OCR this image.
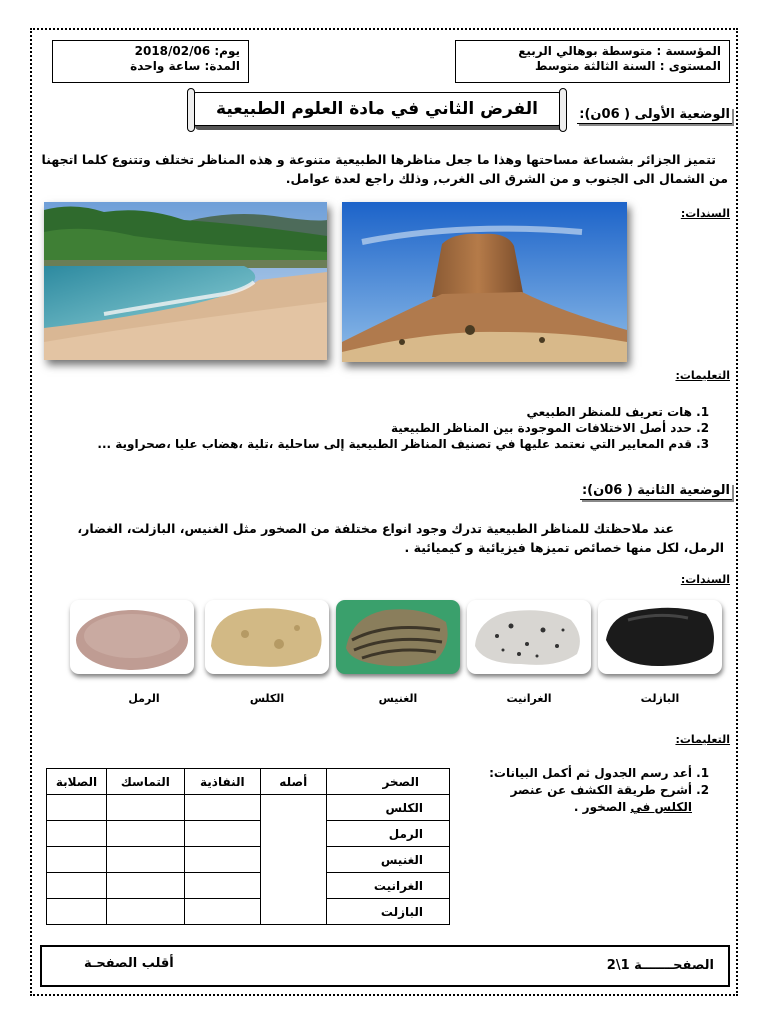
المؤسسة : متوسطة بوهالي الربيع
المستوى : السنة الثالثة متوسط
يوم: 2018/02/06
المدة: ساعة واحدة
الفرض الثاني في مادة العلوم الطبيعية	الوضعية الأولى ( 06ن):
تتميز الجزائر بشساعة مساحتها وهذا ما جعل مناظرها الطبيعية متنوعة و هذه المناظر تختلف وتتنوع كلما اتجهنا
من الشمال الى الجنوب و من الشرق الى الغرب, وذلك راجع لعدة عوامل.
السندات:
التعليمات:
1. هات تعريف للمنظر الطبيعي
2. حدد أصل الاختلافات الموجودة بين المناظر الطبيعية
3. قدم المعايير التي نعتمد عليها في تصنيف المناظر الطبيعية إلى ساحلية ،تلية ،هضاب عليا ،صحراوية ...
الوضعية الثانية ( 06ن):
عند ملاحظتك للمناظر الطبيعية تدرك وجود انواع مختلفة من الصخور مثل الغنيس، البازلت، الغضار،
الرمل، لكل منها خصائص تميزها فيزيائية و كيميائية .
السندات:
البازلت
الغرانيت
الغنيس
الكلس
الرمل
التعليمات:
1. أعد رسم الجدول ثم أكمل البيانات:
2. أشرح طريقة الكشف عن عنصر
الكلس في الصخور .
الصلابة	التماسك	النفاذية	أصله	الصخر
				الكلس
				الرمل
				الغنيس
				الغرانيت
				البازلت
الصفحـــــــة 1\2
أقلب الصفحـة
